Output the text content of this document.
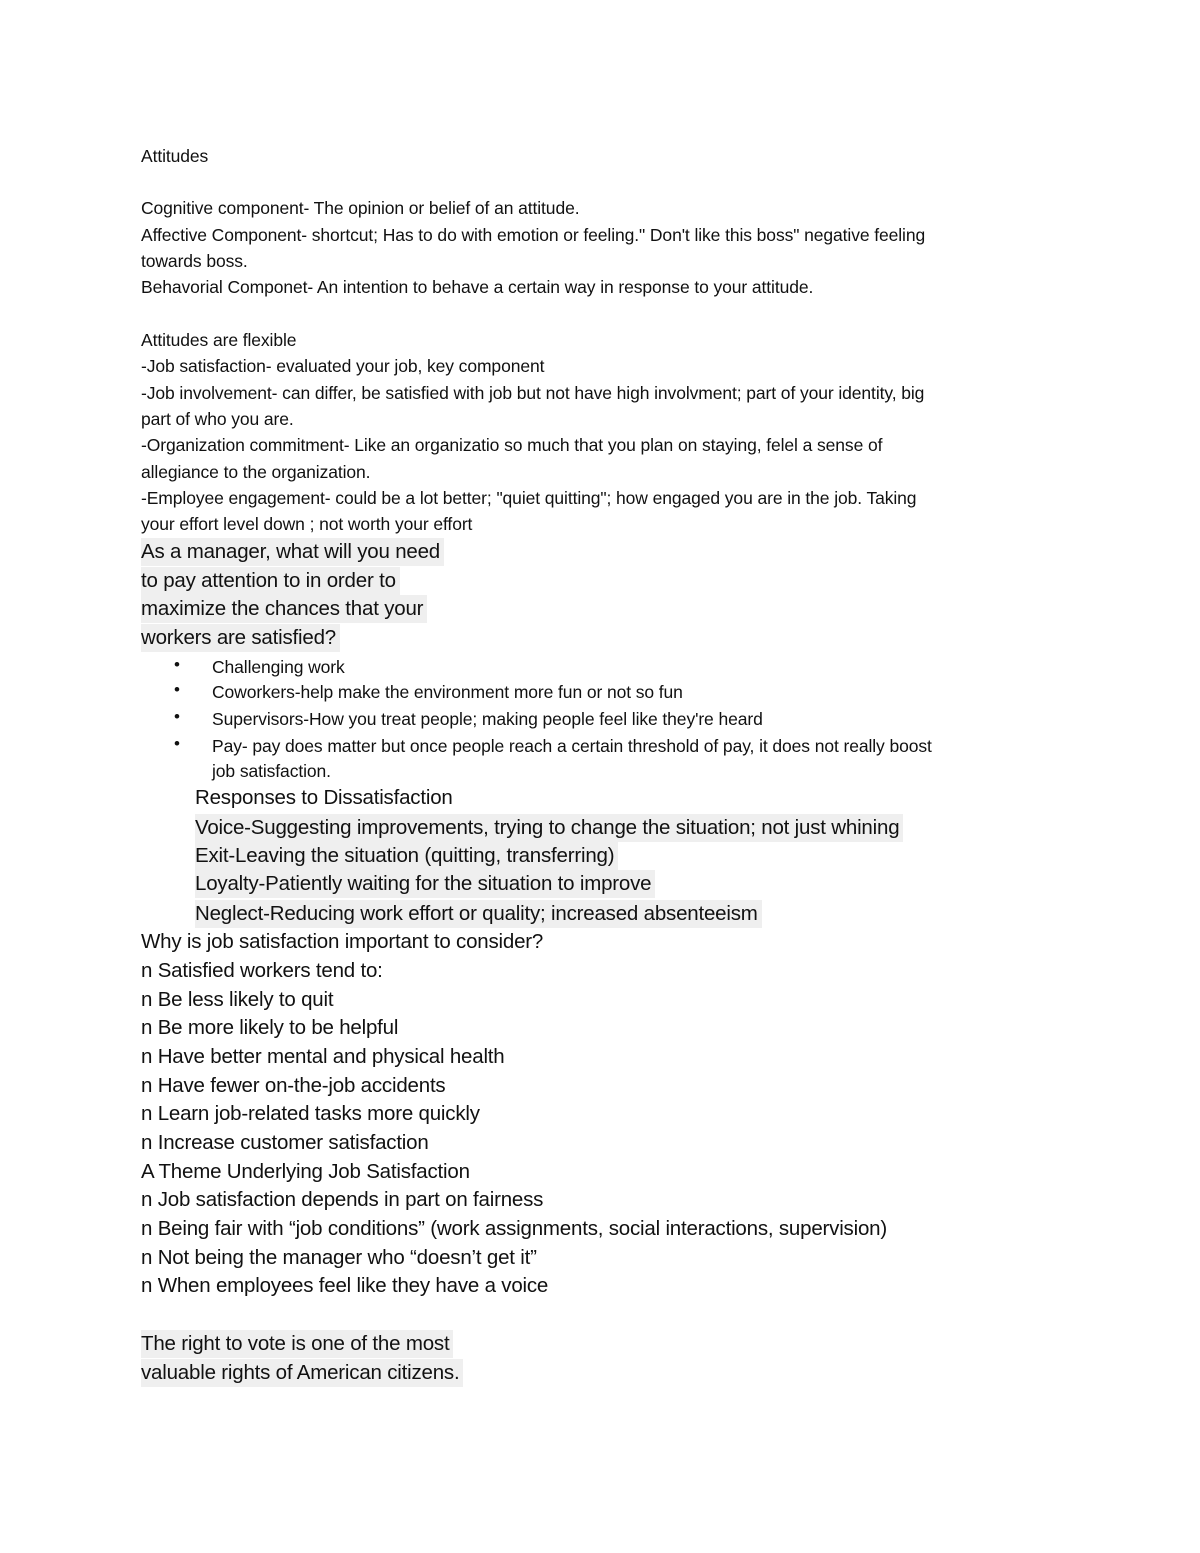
Attitudes
Cognitive component- The opinion or belief of an attitude.
Affective Component- shortcut; Has to do with emotion or feeling." Don't like this boss" negative feeling
towards boss.
Behavorial Componet- An intention to behave a certain way in response to your attitude.
Attitudes are flexible
-Job satisfaction- evaluated your job, key component
-Job involvement- can differ, be satisfied with job but not have high involvment; part of your identity, big
part of who you are.
-Organization commitment- Like an organizatio so much that you plan on staying, felel a sense of
allegiance to the organization.
-Employee engagement- could be a lot better; "quiet quitting"; how engaged you are in the job. Taking
your effort level down ; not worth your effort
As a manager, what will you need
to pay attention to in order to
maximize the chances that your
workers are satisfied?
• Challenging work
• Coworkers-help make the environment more fun or not so fun
• Supervisors-How you treat people; making people feel like they're heard
• Pay- pay does matter but once people reach a certain threshold of pay, it does not really boost
job satisfaction.
Responses to Dissatisfaction
Voice-Suggesting improvements, trying to change the situation; not just whining
Exit-Leaving the situation (quitting, transferring)
Loyalty-Patiently waiting for the situation to improve
Neglect-Reducing work effort or quality; increased absenteeism
Why is job satisfaction important to consider?
n Satisfied workers tend to:
n Be less likely to quit
n Be more likely to be helpful
n Have better mental and physical health
n Have fewer on-the-job accidents
n Learn job-related tasks more quickly
n Increase customer satisfaction
A Theme Underlying Job Satisfaction
n Job satisfaction depends in part on fairness
n Being fair with “job conditions” (work assignments, social interactions, supervision)
n Not being the manager who “doesn’t get it”
n When employees feel like they have a voice
The right to vote is one of the most
valuable rights of American citizens.
